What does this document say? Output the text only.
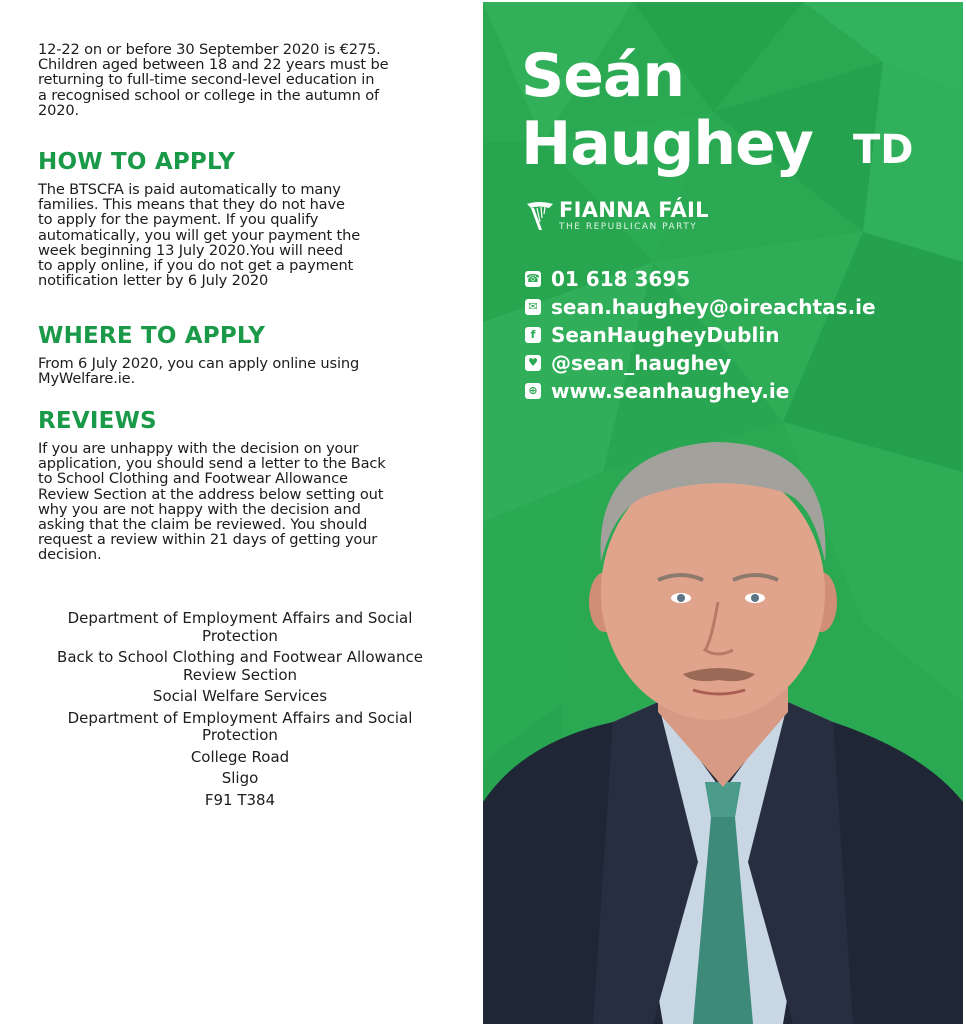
12-22 on or before 30 September 2020 is €275.
Children aged between 18 and 22 years must be
returning to full-time second-level education in
a recognised school or college in the autumn of
2020.

HOW TO APPLY

The BTSCFA is paid automatically to many
families. This means that they do not have
to apply for the payment. If you qualify
automatically, you will get your payment the
week beginning 13 July 2020.You will need
to apply online, if you do not get a payment
notification letter by 6 July 2020

WHERE TO APPLY

From 6 July 2020, you can apply online using
MyWelfare.ie.

REVIEWS

If you are unhappy with the decision on your
application, you should send a letter to the Back
to School Clothing and Footwear Allowance
Review Section at the address below setting out
why you are not happy with the decision and
asking that the claim be reviewed. You should
request a review within 21 days of getting your
decision.

Department of Employment Affairs and Social
Protection
Back to School Clothing and Footwear Allowance
Review Section
Social Welfare Services
Department of Employment Affairs and Social
Protection
College Road
Sligo
F91 T384
Seán
Haughey TD
FIANNA FÁIL
THE REPUBLICAN PARTY
☎ 01 618 3695
✉ sean.haughey@oireachtas.ie
f SeanHaugheyDublin
♥ @sean_haughey
⊕ www.seanhaughey.ie
